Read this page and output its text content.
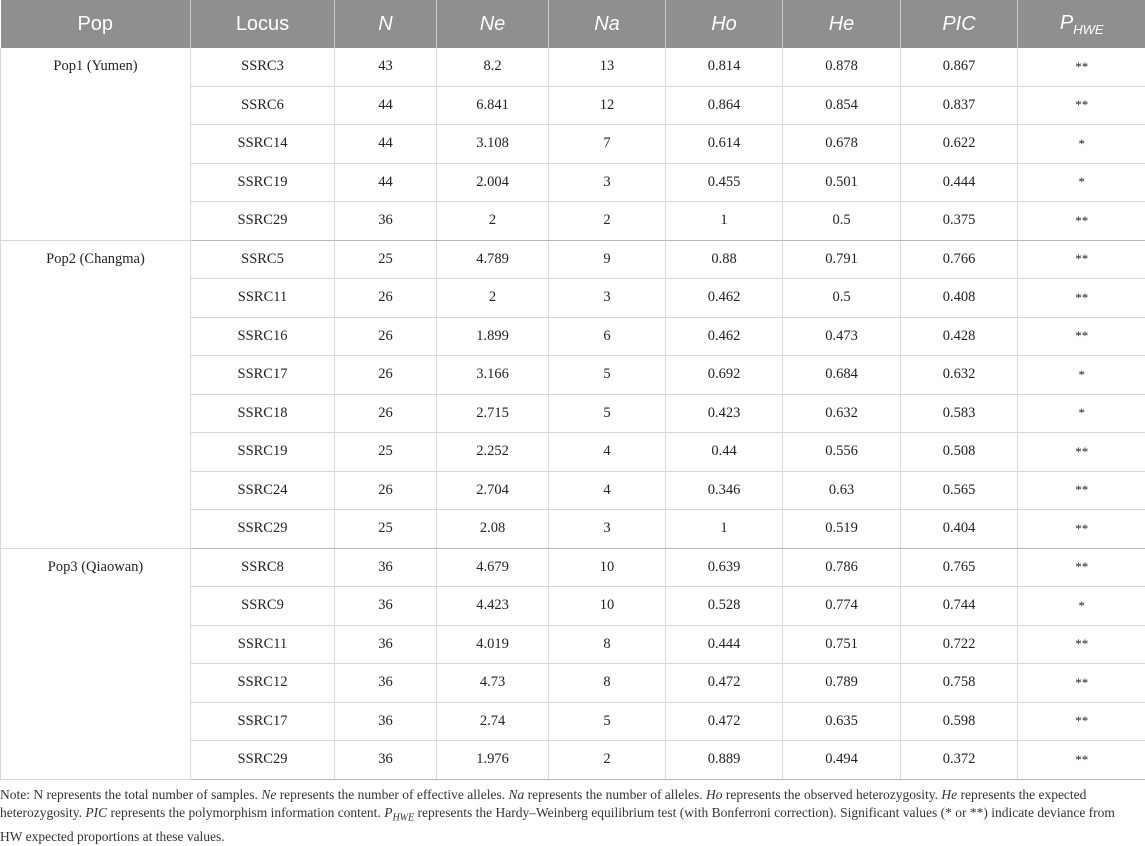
Pop	Locus	N	Ne	Na	Ho	He	PIC	$P_{HWE}$
Pop1 (Yumen)	SSRC3	43	8.2	13	0.814	0.878	0.867	**
	SSRC6	44	6.841	12	0.864	0.854	0.837	**
	SSRC14	44	3.108	7	0.614	0.678	0.622	*
	SSRC19	44	2.004	3	0.455	0.501	0.444	*
	SSRC29	36	2	2	1	0.5	0.375	**
Pop2 (Changma)	SSRC5	25	4.789	9	0.88	0.791	0.766	**
	SSRC11	26	2	3	0.462	0.5	0.408	**
	SSRC16	26	1.899	6	0.462	0.473	0.428	**
	SSRC17	26	3.166	5	0.692	0.684	0.632	*
	SSRC18	26	2.715	5	0.423	0.632	0.583	*
	SSRC19	25	2.252	4	0.44	0.556	0.508	**
	SSRC24	26	2.704	4	0.346	0.63	0.565	**
	SSRC29	25	2.08	3	1	0.519	0.404	**
Pop3 (Qiaowan)	SSRC8	36	4.679	10	0.639	0.786	0.765	**
	SSRC9	36	4.423	10	0.528	0.774	0.744	*
	SSRC11	36	4.019	8	0.444	0.751	0.722	**
	SSRC12	36	4.73	8	0.472	0.789	0.758	**
	SSRC17	36	2.74	5	0.472	0.635	0.598	**
	SSRC29	36	1.976	2	0.889	0.494	0.372	**
Note: N represents the total number of samples. Ne represents the number of effective alleles. Na represents the number of alleles. Ho represents the observed heterozygosity. He represents the expected heterozygosity. PIC represents the polymorphism information content. $P_{HWE}$ represents the Hardy–Weinberg equilibrium test (with Bonferroni correction). Significant values (* or **) indicate deviance from HW expected proportions at these values.
